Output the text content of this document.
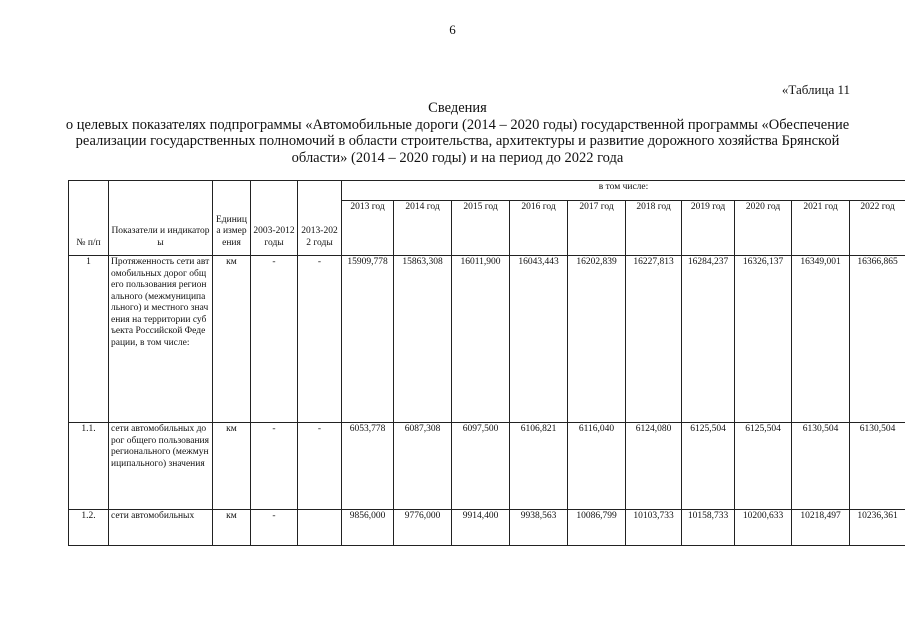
6
«Таблица 11
Сведения
о целевых показателях подпрограммы «Автомобильные дороги (2014 – 2020 годы) государственной программы «Обеспечение
реализации государственных полномочий в области строительства, архитектуры и развитие дорожного хозяйства Брянской
области» (2014 – 2020 годы) и на период до 2022 года
№ п/п	Показатели и индикаторы	Единица измерения	2003-2012 годы	2013-2022 годы	в том числе:									
					2013 год	2014 год	2015 год	2016 год	2017 год	2018 год	2019 год	2020 год	2021 год	2022 год
1	Протяженность сети автомобильных дорог общего пользования регионального (межмуниципального) и местного значения на территории субъекта Российской Федерации, в том числе:	км	-	-	15909,778	15863,308	16011,900	16043,443	16202,839	16227,813	16284,237	16326,137	16349,001	16366,865
1.1.	сети автомобильных дорог общего пользования регионального (межмуниципального) значения	км	-	-	6053,778	6087,308	6097,500	6106,821	6116,040	6124,080	6125,504	6125,504	6130,504	6130,504
1.2.	сети автомобильных	км	-		9856,000	9776,000	9914,400	9938,563	10086,799	10103,733	10158,733	10200,633	10218,497	10236,361
